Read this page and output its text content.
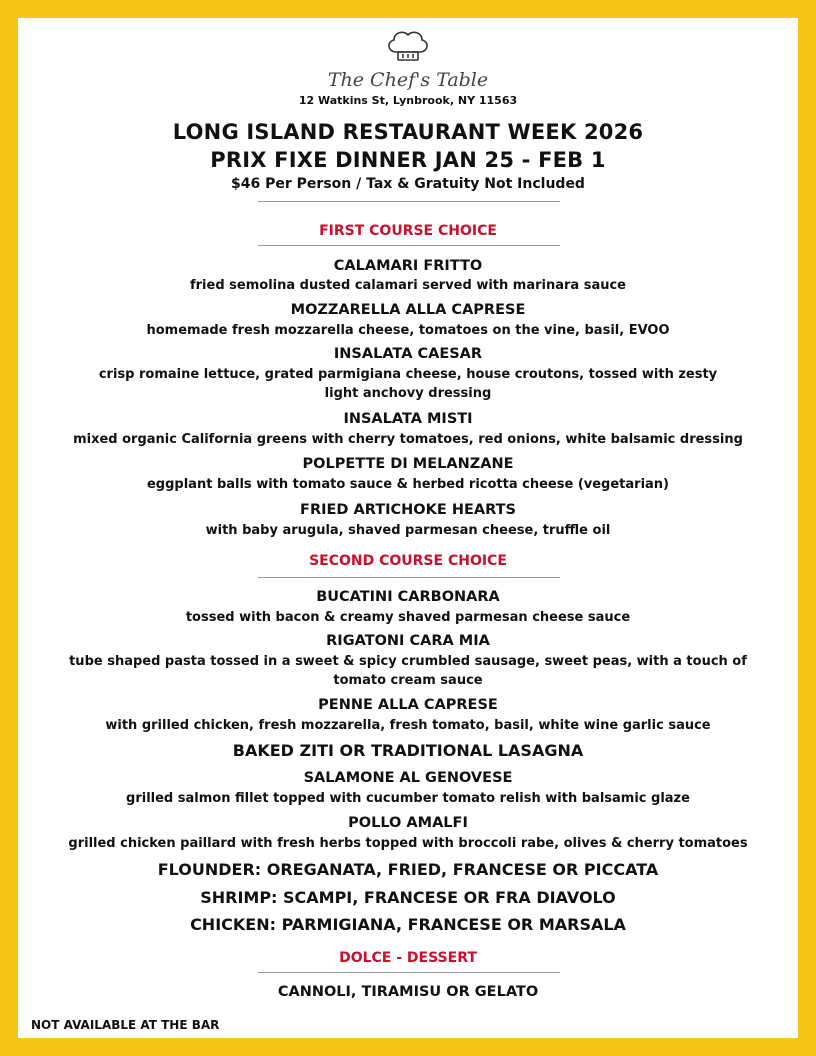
The Chef's Table
12 Watkins St, Lynbrook, NY 11563
LONG ISLAND RESTAURANT WEEK 2026
PRIX FIXE DINNER JAN 25 - FEB 1
$46 Per Person / Tax & Gratuity Not Included
FIRST COURSE CHOICE
CALAMARI FRITTO
fried semolina dusted calamari served with marinara sauce
MOZZARELLA ALLA CAPRESE
homemade fresh mozzarella cheese, tomatoes on the vine, basil, EVOO
INSALATA CAESAR
crisp romaine lettuce, grated parmigiana cheese, house croutons, tossed with zesty light anchovy dressing
INSALATA MISTI
mixed organic California greens with cherry tomatoes, red onions, white balsamic dressing
POLPETTE DI MELANZANE
eggplant balls with tomato sauce & herbed ricotta cheese (vegetarian)
FRIED ARTICHOKE HEARTS
with baby arugula, shaved parmesan cheese, truffle oil
SECOND COURSE CHOICE
BUCATINI CARBONARA
tossed with bacon & creamy shaved parmesan cheese sauce
RIGATONI CARA MIA
tube shaped pasta tossed in a sweet & spicy crumbled sausage, sweet peas, with a touch of tomato cream sauce
PENNE ALLA CAPRESE
with grilled chicken, fresh mozzarella, fresh tomato, basil, white wine garlic sauce
BAKED ZITI OR TRADITIONAL LASAGNA
SALAMONE AL GENOVESE
grilled salmon fillet topped with cucumber tomato relish with balsamic glaze
POLLO AMALFI
grilled chicken paillard with fresh herbs topped with broccoli rabe, olives & cherry tomatoes
FLOUNDER: OREGANATA, FRIED, FRANCESE OR PICCATA
SHRIMP: SCAMPI, FRANCESE OR FRA DIAVOLO
CHICKEN: PARMIGIANA, FRANCESE OR MARSALA
DOLCE - DESSERT
CANNOLI, TIRAMISU OR GELATO
NOT AVAILABLE AT THE BAR
